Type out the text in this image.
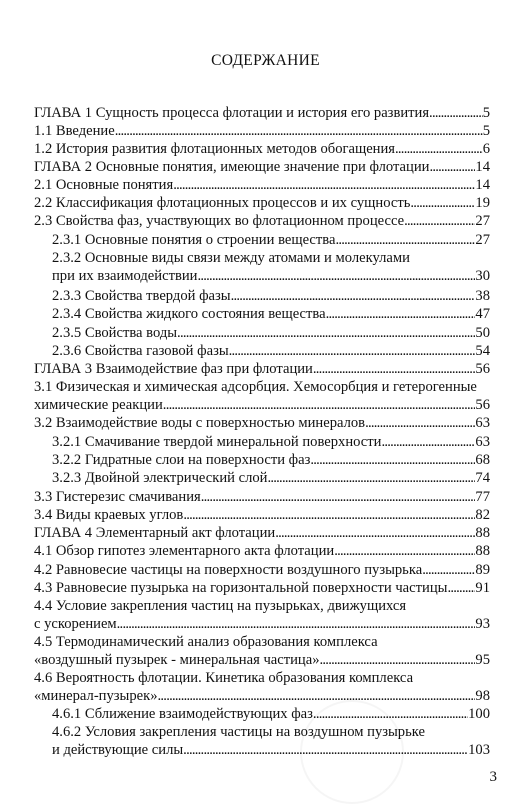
СОДЕРЖАНИЕ
ГЛАВА 1 Сущность процесса флотации и история его развития . . .	5
1.1 Введение . . .	5
1.2 История развития флотационных методов обогащения . . .	6
ГЛАВА 2 Основные понятия, имеющие значение при флотации . . .	14
2.1 Основные понятия . . .	14
2.2 Классификация флотационных процессов и их сущность . . .	19
2.3 Свойства фаз, участвующих во флотационном процессе . . .	27
2.3.1 Основные понятия о строении вещества . . .	27
2.3.2 Основные виды связи между атомами и молекулами
при их взаимодействии . . .	30
2.3.3 Свойства твердой фазы . . .	38
2.3.4 Свойства жидкого состояния вещества . . .	47
2.3.5 Свойства воды . . .	50
2.3.6 Свойства газовой фазы . . .	54
ГЛАВА 3 Взаимодействие фаз при флотации . . .	56
3.1 Физическая и химическая адсорбция. Хемосорбция и гетерогенные
химические реакции . . .	56
3.2 Взаимодействие воды с поверхностью минералов . . .	63
3.2.1 Смачивание твердой минеральной поверхности . . .	63
3.2.2 Гидратные слои на поверхности фаз . . .	68
3.2.3 Двойной электрический слой . . .	74
3.3 Гистерезис смачивания . . .	77
3.4 Виды краевых углов . . .	82
ГЛАВА 4 Элементарный акт флотации . . .	88
4.1 Обзор гипотез элементарного акта флотации . . .	88
4.2 Равновесие частицы на поверхности воздушного пузырька . . .	89
4.3 Равновесие пузырька на горизонтальной поверхности частицы . . . 91
4.4 Условие закрепления частиц на пузырьках, движущихся
с ускорением . . .	93
4.5 Термодинамический анализ образования комплекса
«воздушный пузырек - минеральная частица» . . .	95
4.6 Вероятность флотации. Кинетика образования комплекса
«минерал-пузырек» . . .	98
4.6.1 Сближение взаимодействующих фаз . . .	100
4.6.2 Условия закрепления частицы на воздушном пузырьке
и действующие силы . . .	103
3
